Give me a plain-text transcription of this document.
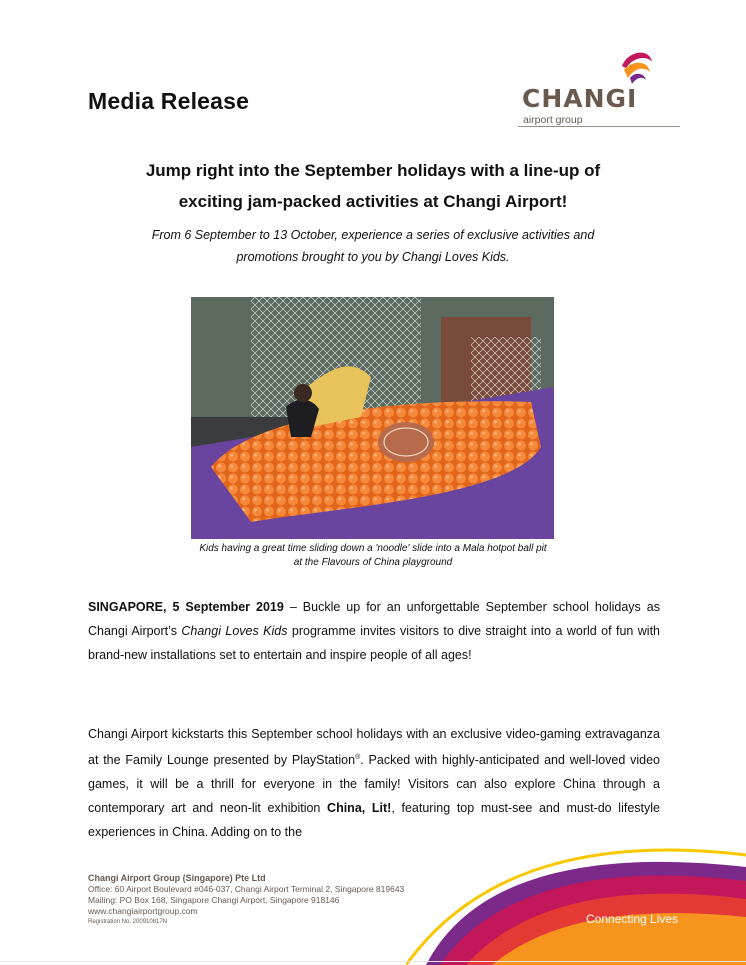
Media Release	CHANGI
airport group
Jump right into the September holidays with a line-up of
exciting jam-packed activities at Changi Airport!
From 6 September to 13 October, experience a series of exclusive activities and
promotions brought to you by Changi Loves Kids.
Kids having a great time sliding down a 'noodle' slide into a Mala hotpot ball pit
at the Flavours of China playground
SINGAPORE, 5 September 2019 – Buckle up for an unforgettable September school holidays as Changi Airport’s Changi Loves Kids programme invites visitors to dive straight into a world of fun with brand-new installations set to entertain and inspire people of all ages!
Changi Airport kickstarts this September school holidays with an exclusive video-gaming extravaganza at the Family Lounge presented by PlayStation®. Packed with highly-anticipated and well-loved video games, it will be a thrill for everyone in the family! Visitors can also explore China through a contemporary art and neon-lit exhibition China, Lit!, featuring top must-see and must-do lifestyle experiences in China. Adding on to the
Connecting Lives
Changi Airport Group (Singapore) Pte Ltd
Office: 60 Airport Boulevard #046-037, Changi Airport Terminal 2, Singapore 819643
Mailing: PO Box 168, Singapore Changi Airport, Singapore 918146
www.changiairportgroup.com
Registration No. 200910817N
